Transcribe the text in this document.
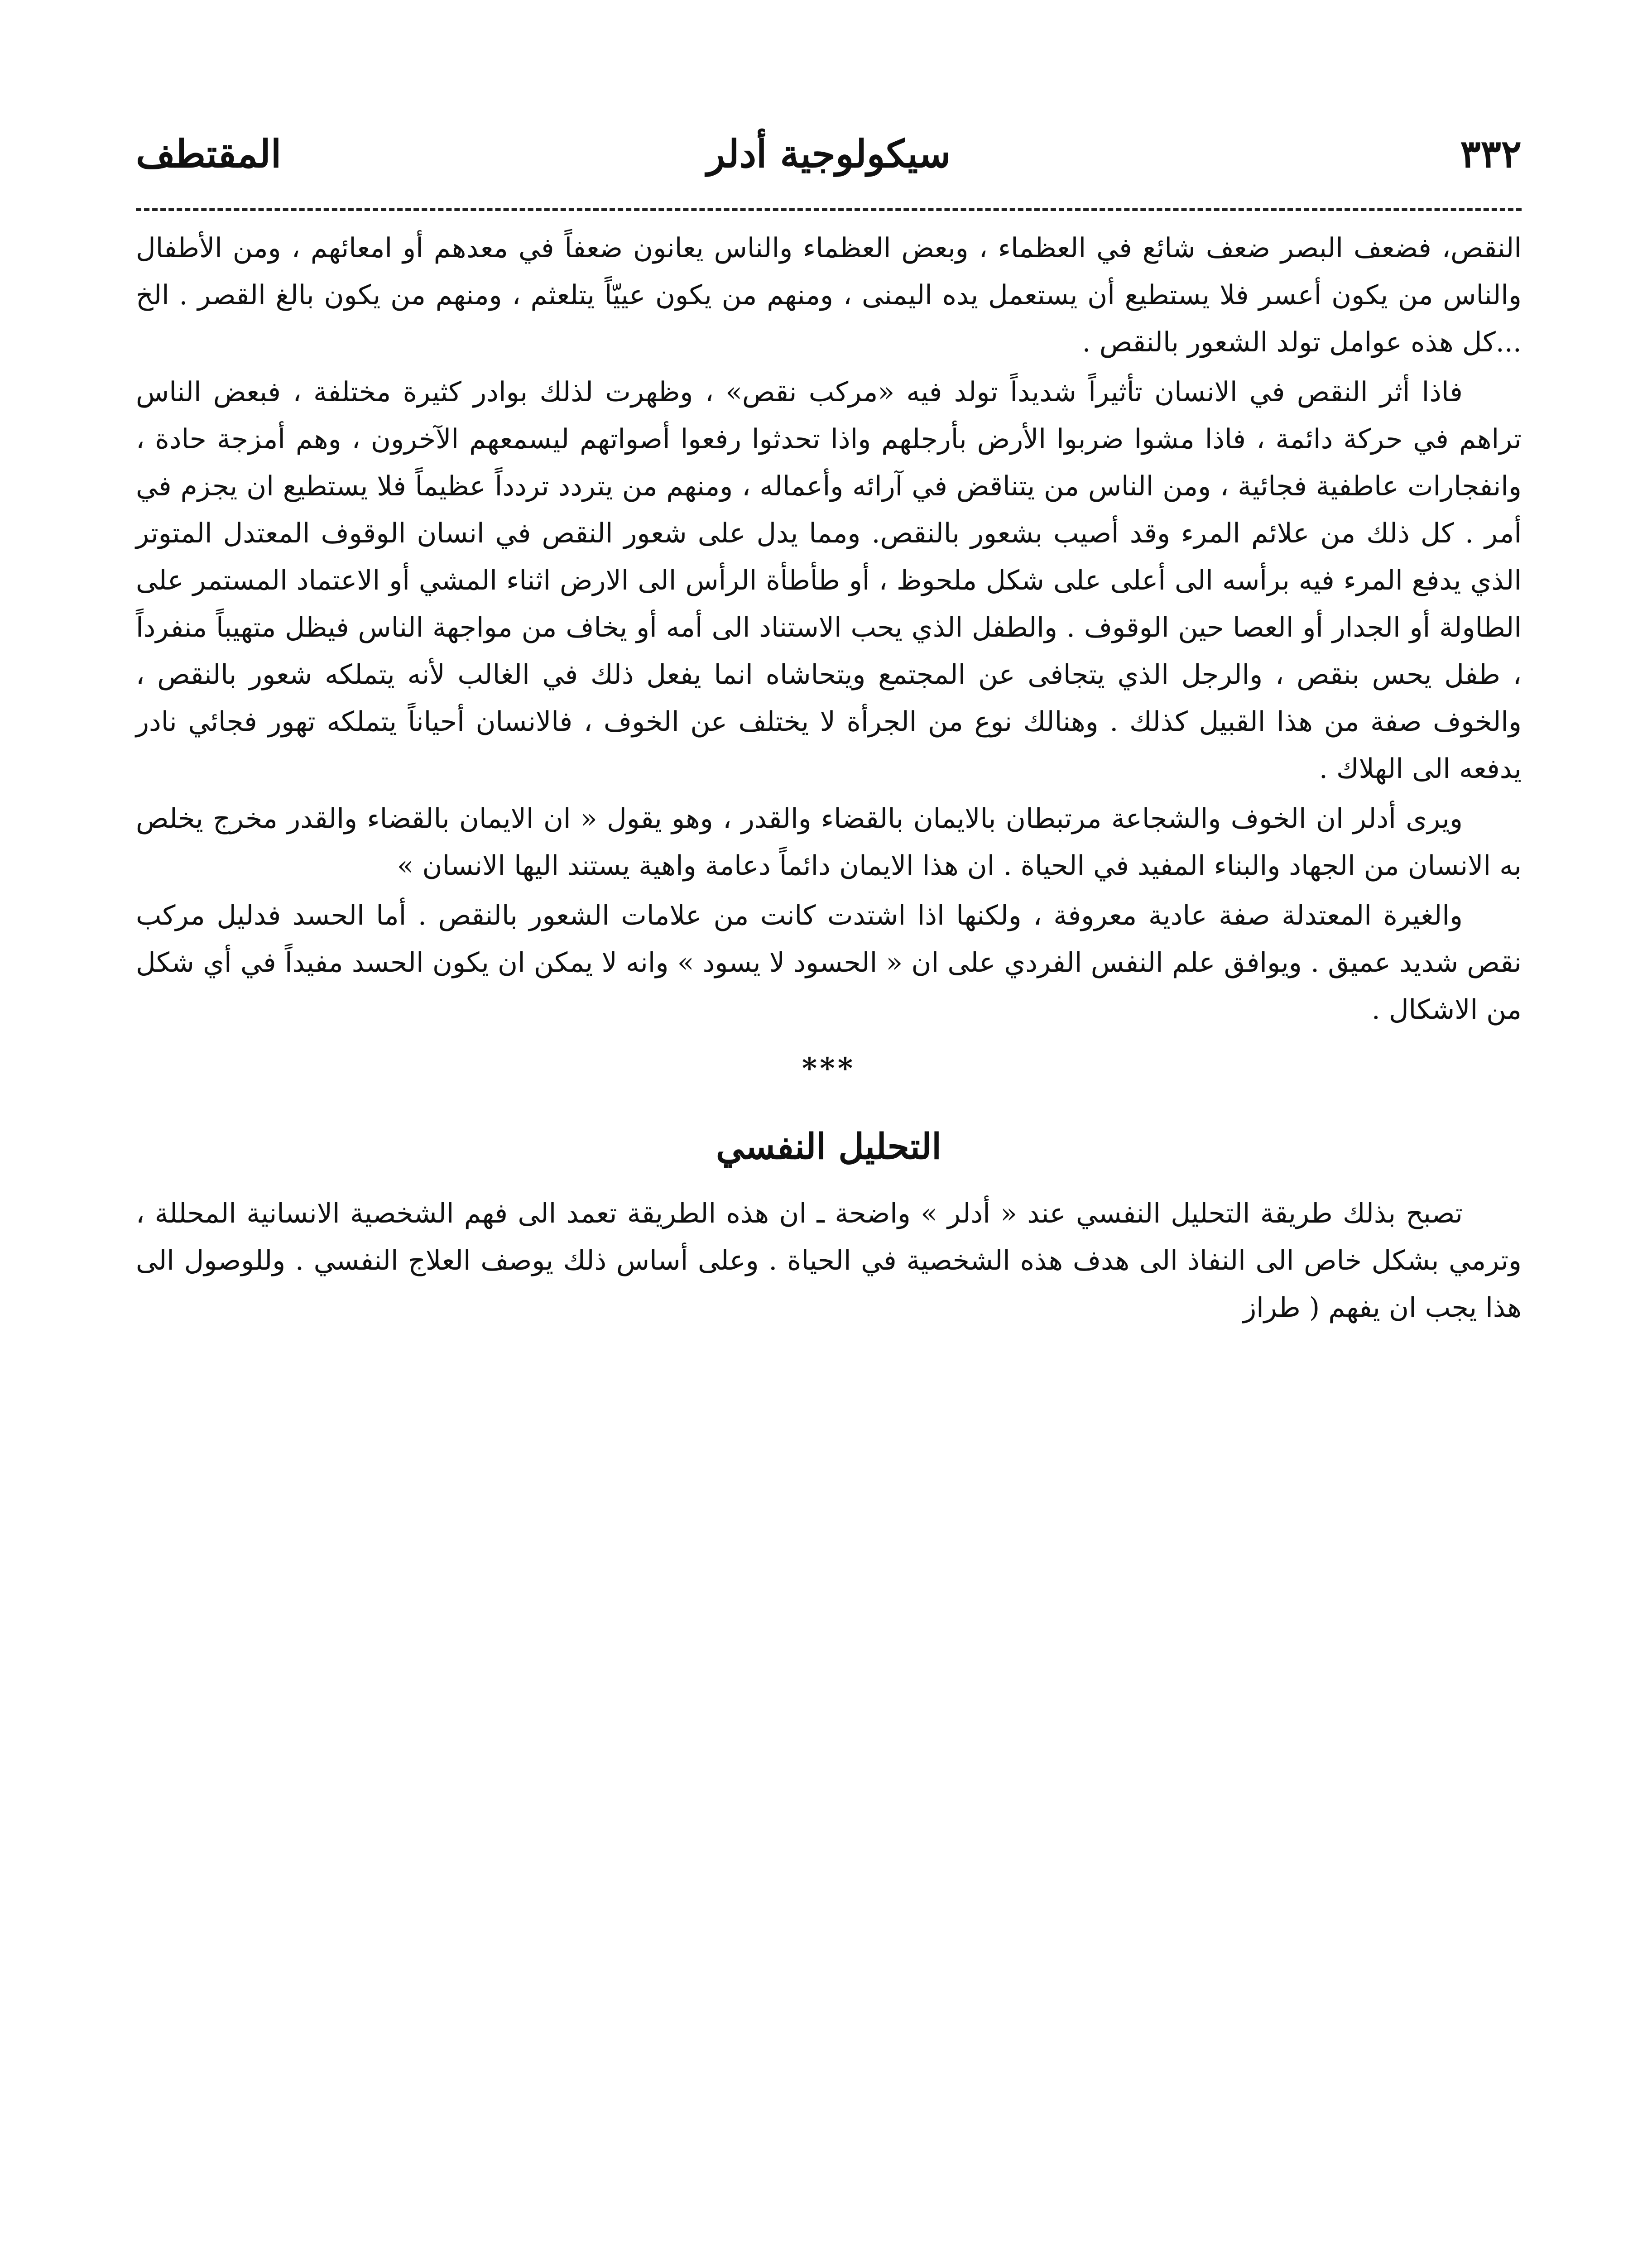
٣٣٢
سيكولوجية أدلر
المقتطف

النقص، فضعف البصر ضعف شائع في العظماء ، وبعض العظماء والناس يعانون ضعفاً في معدهم أو امعائهم ، ومن الأطفال والناس من يكون أعسر فلا يستطيع أن يستعمل يده اليمنى ، ومنهم من يكون عييّاً يتلعثم ، ومنهم من يكون بالغ القصر . الخ ...كل هذه عوامل تولد الشعور بالنقص .

فاذا أثر النقص في الانسان تأثيراً شديداً تولد فيه «مركب نقص» ، وظهرت لذلك بوادر كثيرة مختلفة ، فبعض الناس تراهم في حركة دائمة ، فاذا مشوا ضربوا الأرض بأرجلهم واذا تحدثوا رفعوا أصواتهم ليسمعهم الآخرون ، وهم أمزجة حادة ، وانفجارات عاطفية فجائية ، ومن الناس من يتناقض في آرائه وأعماله ، ومنهم من يتردد تردداً عظيماً فلا يستطيع ان يجزم في أمر . كل ذلك من علائم المرء وقد أصيب بشعور بالنقص. ومما يدل على شعور النقص في انسان الوقوف المعتدل المتوتر الذي يدفع المرء فيه برأسه الى أعلى على شكل ملحوظ ، أو طأطأة الرأس الى الارض اثناء المشي أو الاعتماد المستمر على الطاولة أو الجدار أو العصا حين الوقوف . والطفل الذي يحب الاستناد الى أمه أو يخاف من مواجهة الناس فيظل متهيباً منفرداً ، طفل يحس بنقص ، والرجل الذي يتجافى عن المجتمع ويتحاشاه انما يفعل ذلك في الغالب لأنه يتملكه شعور بالنقص ، والخوف صفة من هذا القبيل كذلك . وهنالك نوع من الجرأة لا يختلف عن الخوف ، فالانسان أحياناً يتملكه تهور فجائي نادر يدفعه الى الهلاك .

ويرى أدلر ان الخوف والشجاعة مرتبطان بالايمان بالقضاء والقدر ، وهو يقول « ان الايمان بالقضاء والقدر مخرج يخلص به الانسان من الجهاد والبناء المفيد في الحياة . ان هذا الايمان دائماً دعامة واهية يستند اليها الانسان »

والغيرة المعتدلة صفة عادية معروفة ، ولكنها اذا اشتدت كانت من علامات الشعور بالنقص . أما الحسد فدليل مركب نقص شديد عميق . ويوافق علم النفس الفردي على ان « الحسود لا يسود » وانه لا يمكن ان يكون الحسد مفيداً في أي شكل من الاشكال .

***
التحليل النفسي

تصبح بذلك طريقة التحليل النفسي عند « أدلر » واضحة ـ ان هذه الطريقة تعمد الى فهم الشخصية الانسانية المحللة ، وترمي بشكل خاص الى النفاذ الى هدف هذه الشخصية في الحياة . وعلى أساس ذلك يوصف العلاج النفسي . وللوصول الى هذا يجب ان يفهم ( طراز
